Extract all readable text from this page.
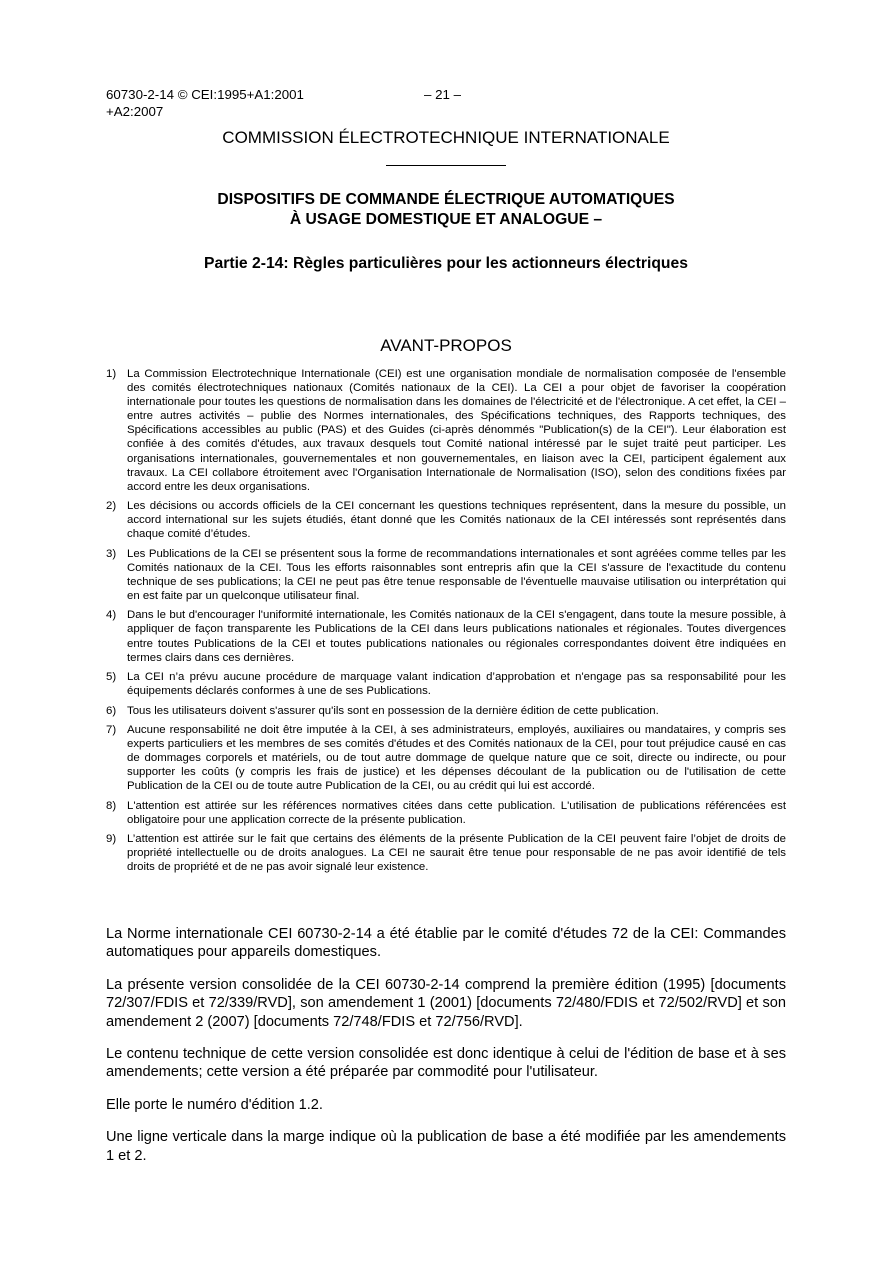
60730-2-14 © CEI:1995+A1:2001
+A2:2007
– 21 –
COMMISSION ÉLECTROTECHNIQUE INTERNATIONALE
DISPOSITIFS DE COMMANDE ÉLECTRIQUE AUTOMATIQUES
À USAGE DOMESTIQUE ET ANALOGUE –
Partie 2-14: Règles particulières pour les actionneurs électriques
AVANT-PROPOS
1) La Commission Electrotechnique Internationale (CEI) est une organisation mondiale de normalisation composée de l'ensemble des comités électrotechniques nationaux (Comités nationaux de la CEI). La CEI a pour objet de favoriser la coopération internationale pour toutes les questions de normalisation dans les domaines de l'électricité et de l'électronique. A cet effet, la CEI – entre autres activités – publie des Normes internationales, des Spécifications techniques, des Rapports techniques, des Spécifications accessibles au public (PAS) et des Guides (ci-après dénommés "Publication(s) de la CEI"). Leur élaboration est confiée à des comités d'études, aux travaux desquels tout Comité national intéressé par le sujet traité peut participer. Les organisations internationales, gouvernementales et non gouvernementales, en liaison avec la CEI, participent également aux travaux. La CEI collabore étroitement avec l'Organisation Internationale de Normalisation (ISO), selon des conditions fixées par accord entre les deux organisations.
2) Les décisions ou accords officiels de la CEI concernant les questions techniques représentent, dans la mesure du possible, un accord international sur les sujets étudiés, étant donné que les Comités nationaux de la CEI intéressés sont représentés dans chaque comité d’études.
3) Les Publications de la CEI se présentent sous la forme de recommandations internationales et sont agréées comme telles par les Comités nationaux de la CEI. Tous les efforts raisonnables sont entrepris afin que la CEI s'assure de l'exactitude du contenu technique de ses publications; la CEI ne peut pas être tenue responsable de l'éventuelle mauvaise utilisation ou interprétation qui en est faite par un quelconque utilisateur final.
4) Dans le but d'encourager l'uniformité internationale, les Comités nationaux de la CEI s'engagent, dans toute la mesure possible, à appliquer de façon transparente les Publications de la CEI dans leurs publications nationales et régionales. Toutes divergences entre toutes Publications de la CEI et toutes publications nationales ou régionales correspondantes doivent être indiquées en termes clairs dans ces dernières.
5) La CEI n’a prévu aucune procédure de marquage valant indication d’approbation et n'engage pas sa responsabilité pour les équipements déclarés conformes à une de ses Publications.
6) Tous les utilisateurs doivent s'assurer qu'ils sont en possession de la dernière édition de cette publication.
7) Aucune responsabilité ne doit être imputée à la CEI, à ses administrateurs, employés, auxiliaires ou mandataires, y compris ses experts particuliers et les membres de ses comités d'études et des Comités nationaux de la CEI, pour tout préjudice causé en cas de dommages corporels et matériels, ou de tout autre dommage de quelque nature que ce soit, directe ou indirecte, ou pour supporter les coûts (y compris les frais de justice) et les dépenses découlant de la publication ou de l'utilisation de cette Publication de la CEI ou de toute autre Publication de la CEI, ou au crédit qui lui est accordé.
8) L'attention est attirée sur les références normatives citées dans cette publication. L'utilisation de publications référencées est obligatoire pour une application correcte de la présente publication.
9) L’attention est attirée sur le fait que certains des éléments de la présente Publication de la CEI peuvent faire l’objet de droits de propriété intellectuelle ou de droits analogues. La CEI ne saurait être tenue pour responsable de ne pas avoir identifié de tels droits de propriété et de ne pas avoir signalé leur existence.

La Norme internationale CEI 60730-2-14 a été établie par le comité d'études 72 de la CEI: Commandes automatiques pour appareils domestiques.

La présente version consolidée de la CEI 60730-2-14 comprend la première édition (1995) [documents 72/307/FDIS et 72/339/RVD], son amendement 1 (2001) [documents 72/480/FDIS et 72/502/RVD] et son amendement 2 (2007) [documents 72/748/FDIS et 72/756/RVD].

Le contenu technique de cette version consolidée est donc identique à celui de l'édition de base et à ses amendements; cette version a été préparée par commodité pour l'utilisateur.

Elle porte le numéro d'édition 1.2.

Une ligne verticale dans la marge indique où la publication de base a été modifiée par les amendements 1 et 2.
